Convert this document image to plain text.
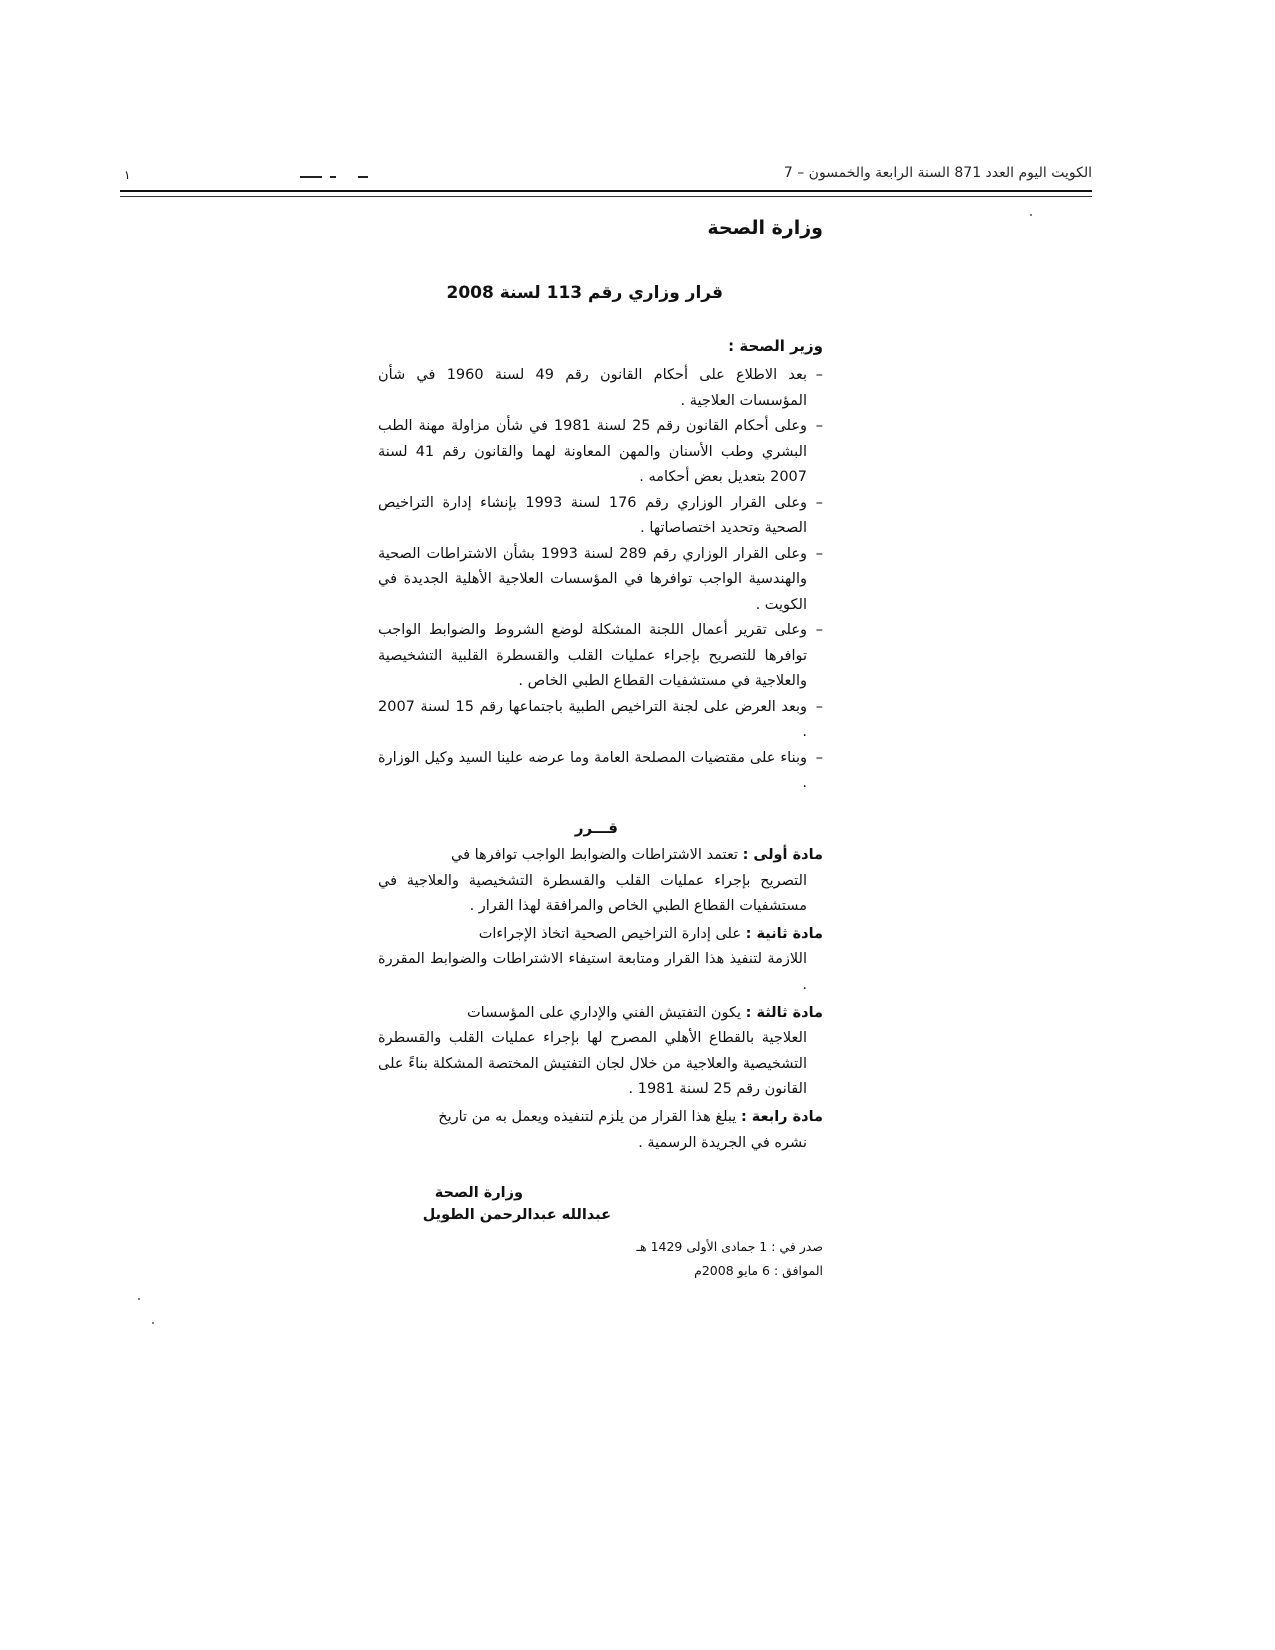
الكويت اليوم العدد 871 السنة الرابعة والخمسون – 7
١
وزارة الصحة
قرار وزاري رقم 113 لسنة 2008
وزير الصحة :
–
بعد الاطلاع على أحكام القانون رقم 49 لسنة 1960 في شأن المؤسسات العلاجية .
–
وعلى أحكام القانون رقم 25 لسنة 1981 في شأن مزاولة مهنة الطب البشري وطب الأسنان والمهن المعاونة لهما والقانون رقم 41 لسنة 2007 بتعديل بعض أحكامه .
–
وعلى القرار الوزاري رقم 176 لسنة 1993 بإنشاء إدارة التراخيص الصحية وتحديد اختصاصاتها .
–
وعلى القرار الوزاري رقم 289 لسنة 1993 بشأن الاشتراطات الصحية والهندسية الواجب توافرها في المؤسسات العلاجية الأهلية الجديدة في الكويت .
–
وعلى تقرير أعمال اللجنة المشكلة لوضع الشروط والضوابط الواجب توافرها للتصريح بإجراء عمليات القلب والقسطرة القلبية التشخيصية والعلاجية في مستشفيات القطاع الطبي الخاص .
–
وبعد العرض على لجنة التراخيص الطبية باجتماعها رقم 15 لسنة 2007 .
–
وبناء على مقتضيات المصلحة العامة وما عرضه علينا السيد وكيل الوزارة .
قـــرر
مادة أولى : تعتمد الاشتراطات والضوابط الواجب توافرها في
التصريح بإجراء عمليات القلب والقسطرة التشخيصية والعلاجية في مستشفيات القطاع الطبي الخاص والمرافقة لهذا القرار .
مادة ثانية : على إدارة التراخيص الصحية اتخاذ الإجراءات
اللازمة لتنفيذ هذا القرار ومتابعة استيفاء الاشتراطات والضوابط المقررة .
مادة ثالثة : يكون التفتيش الفني والإداري على المؤسسات
العلاجية بالقطاع الأهلي المصرح لها بإجراء عمليات القلب والقسطرة التشخيصية والعلاجية من خلال لجان التفتيش المختصة المشكلة بناءً على القانون رقم 25 لسنة 1981 .
مادة رابعة : يبلغ هذا القرار من يلزم لتنفيذه ويعمل به من تاريخ
نشره في الجريدة الرسمية .
وزارة الصحة
عبدالله عبدالرحمن الطويل
صدر في : 1 جمادى الأولى 1429 هـ
الموافق : 6 مايو 2008م
